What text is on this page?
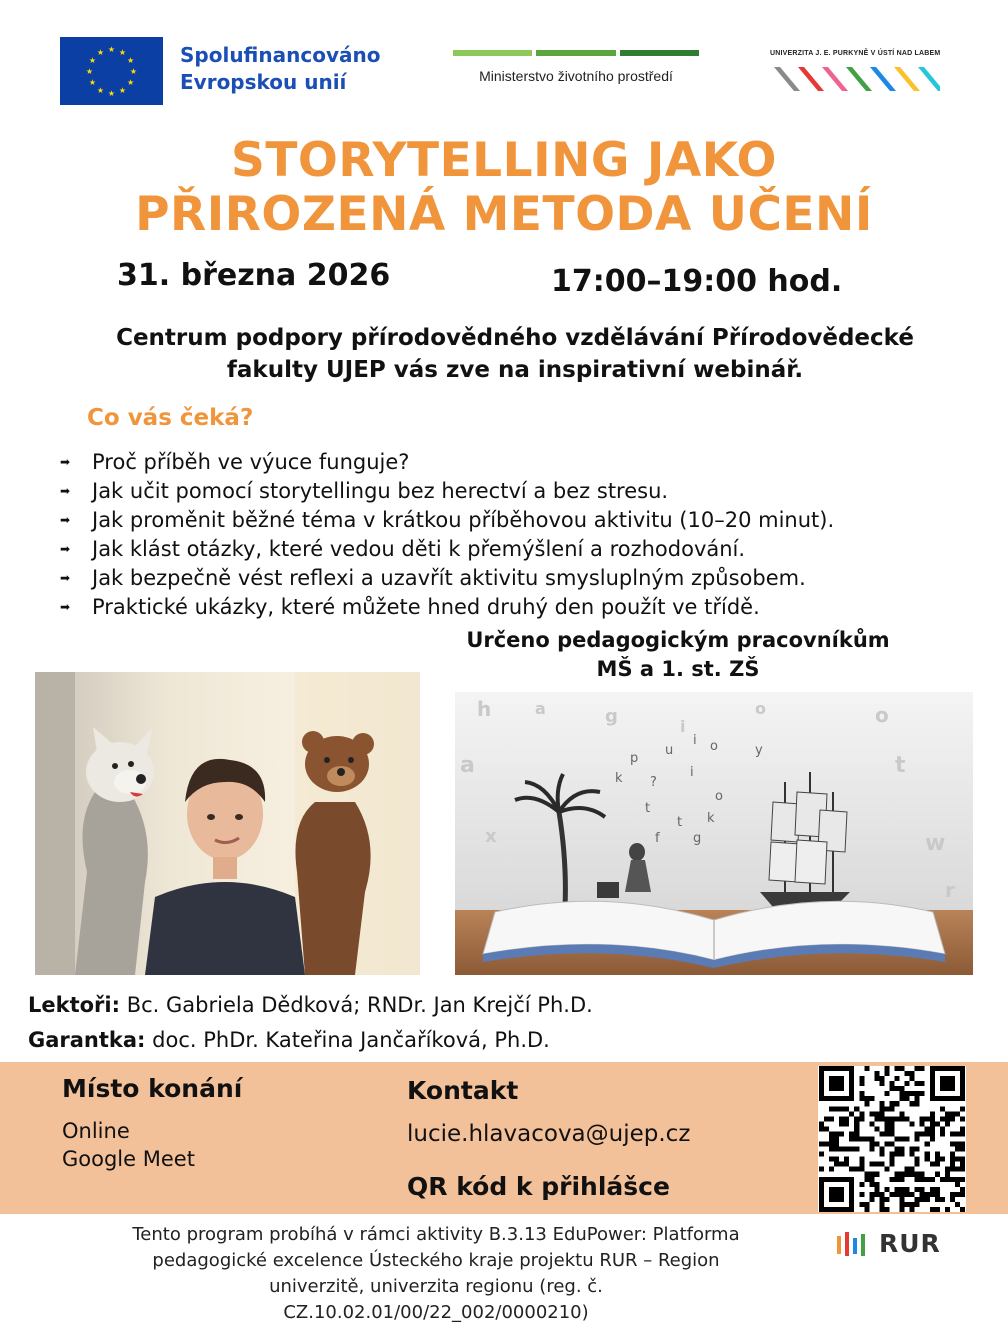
★ ★
★
★
★
★
★
★
★
★
★
★	Spolufinancováno
Evropskou unií	Ministerstvo životního prostředí
UNIVERZITA J. E. PURKYNĚ V ÚSTÍ NAD LABEM
STORYTELLING JAKO
PŘIROZENÁ METODA UČENÍ
31. března 2026	17:00–19:00 hod.
Centrum podpory přírodovědného vzdělávání Přírodovědecké
fakulty UJEP vás zve na inspirativní webinář.
Co vás čeká?
➡ Proč příběh ve výuce funguje?
➡ Jak učit pomocí storytellingu bez herectví a bez stresu.
➡ Jak proměnit běžné téma v krátkou příběhovou aktivitu (10–20 minut).
➡ Jak klást otázky, které vedou děti k přemýšlení a rozhodování.
➡ Jak bezpečně vést reflexi a uzavřít aktivitu smysluplným způsobem.
➡ Praktické ukázky, které můžete hned druhý den použít ve třídě.
Určeno pedagogickým pracovníkům
MŠ a 1. st. ZŠ
h	a	g	i
o	o
a	t
w
x
r
p
u
i o	y
k ?
i
o
t
t k
f	g
Lektoři: Bc. Gabriela Dědková; RNDr. Jan Krejčí Ph.D.
Garantka: doc. PhDr. Kateřina Jančaříková, Ph.D.
Místo konání
Online
Google Meet
Kontakt
lucie.hlavacova@ujep.cz
QR kód k přihlášce
Tento program probíhá v rámci aktivity B.3.13 EduPower: Platforma
pedagogické excelence Ústeckého kraje projektu RUR – Region
univerzitě, univerzita regionu (reg. č.
CZ.10.02.01/00/22_002/0000210)
RUR
